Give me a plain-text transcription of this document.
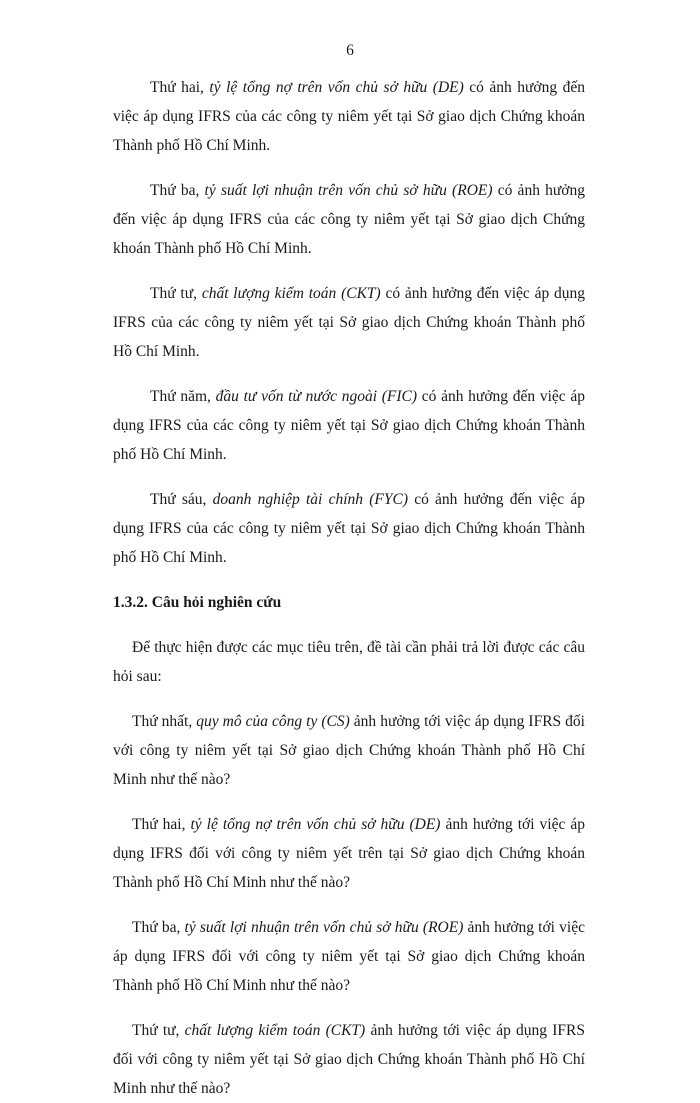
6

Thứ hai, tỷ lệ tổng nợ trên vốn chủ sở hữu (DE) có ảnh hưởng đến việc áp dụng IFRS của các công ty niêm yết tại Sở giao dịch Chứng khoán Thành phố Hồ Chí Minh.

Thứ ba, tỷ suất lợi nhuận trên vốn chủ sở hữu (ROE) có ảnh hưởng đến việc áp dụng IFRS của các công ty niêm yết tại Sở giao dịch Chứng khoán Thành phố Hồ Chí Minh.

Thứ tư, chất lượng kiểm toán (CKT) có ảnh hưởng đến việc áp dụng IFRS của các công ty niêm yết tại Sở giao dịch Chứng khoán Thành phố Hồ Chí Minh.

Thứ năm, đầu tư vốn từ nước ngoài (FIC) có ảnh hưởng đến việc áp dụng IFRS của các công ty niêm yết tại Sở giao dịch Chứng khoán Thành phố Hồ Chí Minh.

Thứ sáu, doanh nghiệp tài chính (FYC) có ảnh hưởng đến việc áp dụng IFRS của các công ty niêm yết tại Sở giao dịch Chứng khoán Thành phố Hồ Chí Minh.

1.3.2. Câu hỏi nghiên cứu

Để thực hiện được các mục tiêu trên, đề tài cần phải trả lời được các câu hỏi sau:

Thứ nhất, quy mô của công ty (CS) ảnh hưởng tới việc áp dụng IFRS đối với công ty niêm yết tại Sở giao dịch Chứng khoán Thành phố Hồ Chí Minh như thế nào?

Thứ hai, tỷ lệ tổng nợ trên vốn chủ sở hữu (DE) ảnh hưởng tới việc áp dụng IFRS đối với công ty niêm yết trên tại Sở giao dịch Chứng khoán Thành phố Hồ Chí Minh như thế nào?

Thứ ba, tỷ suất lợi nhuận trên vốn chủ sở hữu (ROE) ảnh hưởng tới việc áp dụng IFRS đối với công ty niêm yết tại Sở giao dịch Chứng khoán Thành phố Hồ Chí Minh như thế nào?

Thứ tư, chất lượng kiểm toán (CKT) ảnh hưởng tới việc áp dụng IFRS đối với công ty niêm yết tại Sở giao dịch Chứng khoán Thành phố Hồ Chí Minh như thế nào?
